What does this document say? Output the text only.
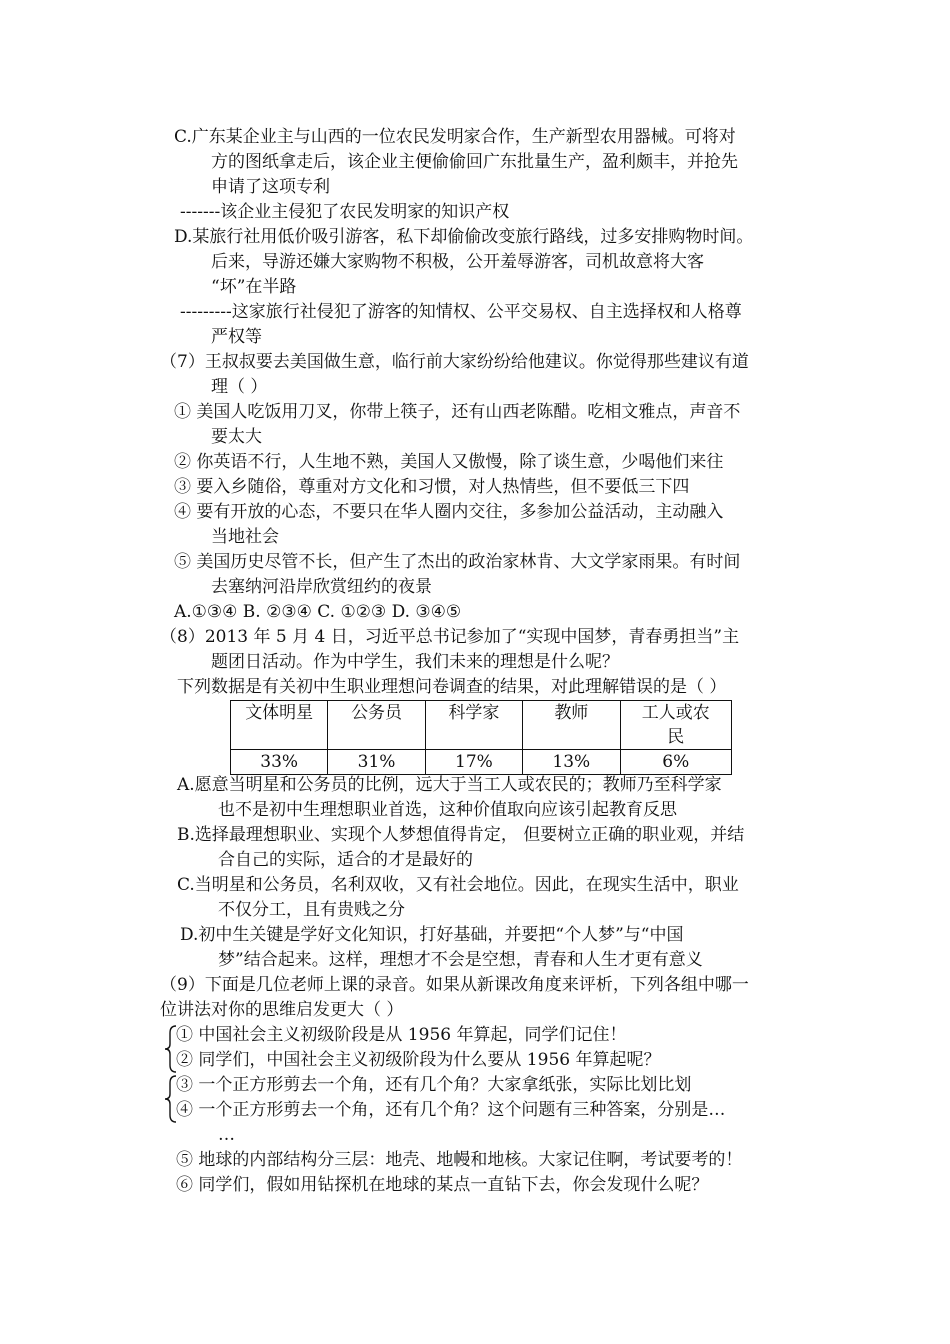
C.广东某企业主与山西的一位农民发明家合作，生产新型农用器械。可将对
方的图纸拿走后，该企业主便偷偷回广东批量生产，盈利颇丰，并抢先
申请了这项专利
-------该企业主侵犯了农民发明家的知识产权
D.某旅行社用低价吸引游客，私下却偷偷改变旅行路线，过多安排购物时间。
后来，导游还嫌大家购物不积极，公开羞辱游客，司机故意将大客
“坏”在半路
---------这家旅行社侵犯了游客的知情权、公平交易权、自主选择权和人格尊
严权等
（7）王叔叔要去美国做生意，临行前大家纷纷给他建议。你觉得那些建议有道
理（ ）
① 美国人吃饭用刀叉，你带上筷子，还有山西老陈醋。吃相文雅点，声音不
要太大
② 你英语不行，人生地不熟，美国人又傲慢，除了谈生意，少喝他们来往
③ 要入乡随俗，尊重对方文化和习惯，对人热情些，但不要低三下四
④ 要有开放的心态，不要只在华人圈内交往，多参加公益活动，主动融入
当地社会
⑤ 美国历史尽管不长，但产生了杰出的政治家林肯、大文学家雨果。有时间
去塞纳河沿岸欣赏纽约的夜景
A.①③④ B. ②③④ C. ①②③ D. ③④⑤
（8）2013 年 5 月 4 日，习近平总书记参加了“实现中国梦，青春勇担当”主
题团日活动。作为中学生，我们未来的理想是什么呢？
下列数据是有关初中生职业理想问卷调查的结果，对此理解错误的是（ ）
文体明星	公务员	科学家	教师	工人或农民

33%	31%	17%	13%	6%
A.愿意当明星和公务员的比例，远大于当工人或农民的；教师乃至科学家
也不是初中生理想职业首选，这种价值取向应该引起教育反思
B.选择最理想职业、实现个人梦想值得肯定， 但要树立正确的职业观，并结
合自己的实际，适合的才是最好的
C.当明星和公务员，名利双收，又有社会地位。因此，在现实生活中，职业
不仅分工，且有贵贱之分
D.初中生关键是学好文化知识，打好基础，并要把“个人梦”与“中国
梦”结合起来。这样，理想才不会是空想，青春和人生才更有意义
（9）下面是几位老师上课的录音。如果从新课改角度来评析，下列各组中哪一
位讲法对你的思维启发更大（ ）
① 中国社会主义初级阶段是从 1956 年算起，同学们记住！
② 同学们，中国社会主义初级阶段为什么要从 1956 年算起呢？
③ 一个正方形剪去一个角，还有几个角？大家拿纸张，实际比划比划
④ 一个正方形剪去一个角，还有几个角？这个问题有三种答案，分别是…
…
⑤ 地球的内部结构分三层：地壳、地幔和地核。大家记住啊，考试要考的！
⑥ 同学们，假如用钻探机在地球的某点一直钻下去，你会发现什么呢？
